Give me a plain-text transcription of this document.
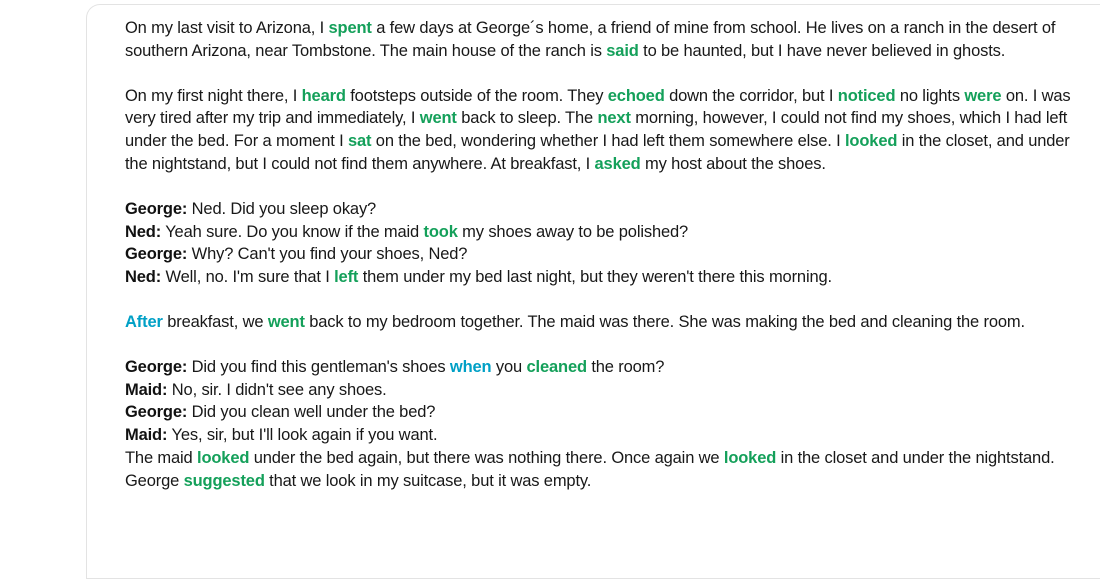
On my last visit to Arizona, I spent a few days at George´s home, a friend of mine from school. He lives on a ranch in the desert of southern Arizona, near Tombstone. The main house of the ranch is said to be haunted, but I have never believed in ghosts.

On my first night there, I heard footsteps outside of the room. They echoed down the corridor, but I noticed no lights were on. I was very tired after my trip and immediately, I went back to sleep. The next morning, however, I could not find my shoes, which I had left under the bed. For a moment I sat on the bed, wondering whether I had left them somewhere else. I looked in the closet, and under the nightstand, but I could not find them anywhere. At breakfast, I asked my host about the shoes.

George: Ned. Did you sleep okay?
Ned: Yeah sure. Do you know if the maid took my shoes away to be polished?
George: Why? Can't you find your shoes, Ned?
Ned: Well, no. I'm sure that I left them under my bed last night, but they weren't there this morning.

After breakfast, we went back to my bedroom together. The maid was there. She was making the bed and cleaning the room.

George: Did you find this gentleman's shoes when you cleaned the room?
Maid: No, sir. I didn't see any shoes.
George: Did you clean well under the bed?
Maid: Yes, sir, but I'll look again if you want.
The maid looked under the bed again, but there was nothing there. Once again we looked in the closet and under the nightstand. George suggested that we look in my suitcase, but it was empty.
